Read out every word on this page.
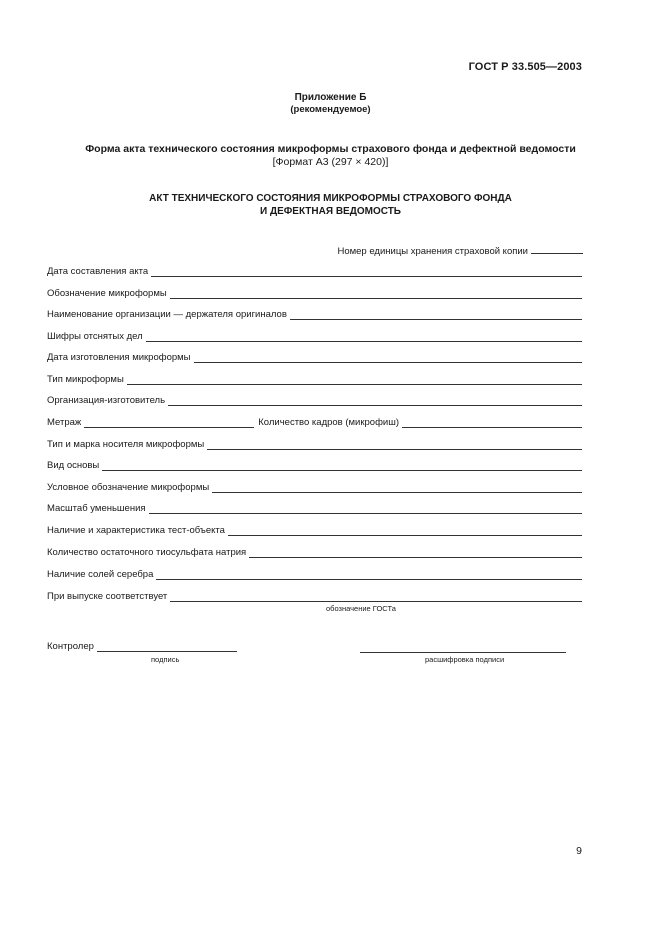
ГОСТ Р 33.505—2003
Приложение Б
(рекомендуемое)
Форма акта технического состояния микроформы страхового фонда и дефектной ведомости
[Формат А3 (297 × 420)]
АКТ ТЕХНИЧЕСКОГО СОСТОЯНИЯ МИКРОФОРМЫ СТРАХОВОГО ФОНДА
И ДЕФЕКТНАЯ ВЕДОМОСТЬ
Номер единицы хранения страховой копии
Дата составления акта
Обозначение микроформы
Наименование организации — держателя оригиналов
Шифры отснятых дел
Дата изготовления микроформы
Тип микроформы
Организация-изготовитель
Метраж	Количество кадров (микрофиш)
Тип и марка носителя микроформы
Вид основы
Условное обозначение микроформы
Масштаб уменьшения
Наличие и характеристика тест-объекта
Количество остаточного тиосульфата натрия
Наличие солей серебра
При выпуске соответствует
обозначение ГОСТа
Контролер
подпись	расшифровка подписи
9
